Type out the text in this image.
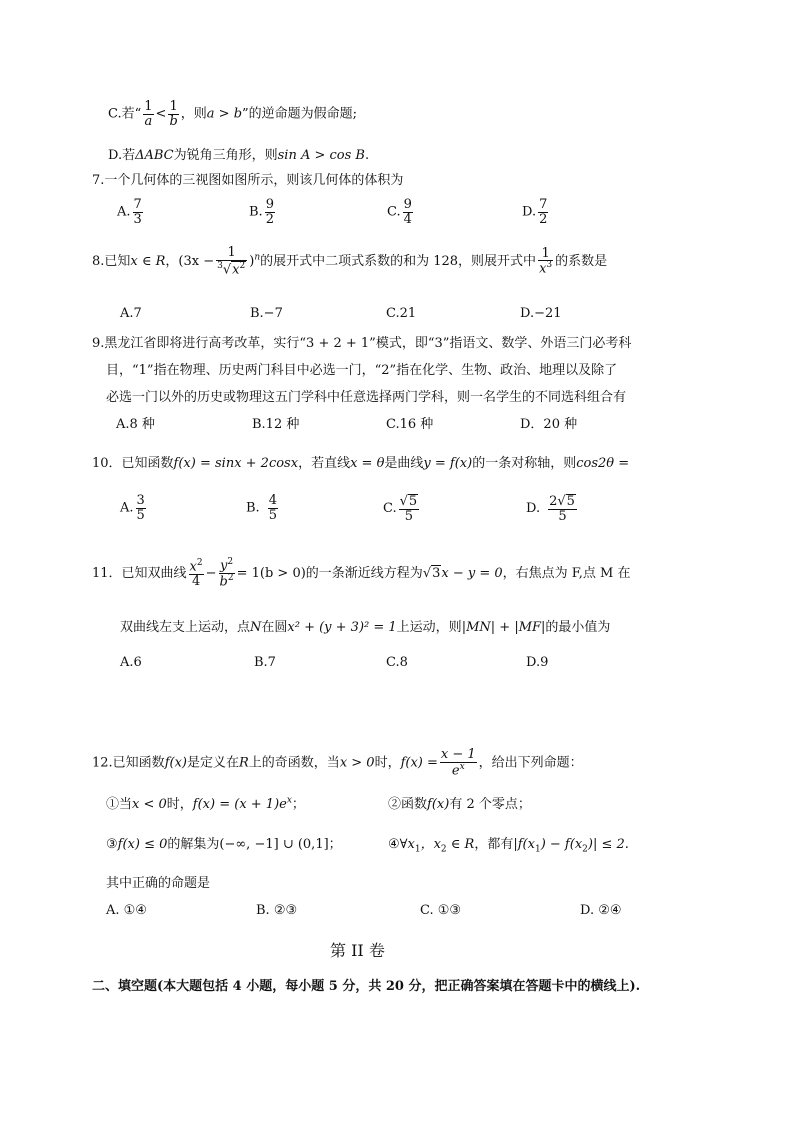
C.若“ $\frac{1}{a} < \frac{1}{b}$ ，则a > b”的逆命题为假命题;
D.若ΔABC为锐角三角形，则sin A > cos B.
7.一个几何体的三视图如图所示，则该几何体的体积为
A. $\frac{7}{3}$	B. $\frac{9}{2}$	C. $\frac{9}{4}$	D. $\frac{7}{2}$
8.已知x ∈ R，$(3x - \frac{1}{^3√x^2} )^n$的展开式中二项式系数的和为 128，则展开式中 $\frac{1}{x^3}$ 的系数是
A.7	B.−7	C.21	D.−21
9.黑龙江省即将进行高考改革，实行“3 + 2 + 1”模式，即“3”指语文、数学、外语三门必考科
目，“1”指在物理、历史两门科目中必选一门，“2”指在化学、生物、政治、地理以及除了
必选一门以外的历史或物理这五门学科中任意选择两门学科，则一名学生的不同选科组合有
A.8 种	B.12 种	C.16 种	D．20 种
10．已知函数f(x) = sinx + 2cosx，若直线x = θ是曲线y = f(x)的一条对称轴，则cos2θ =
A. $\frac{3}{5}$	B. $\frac{4}{5}$	C. $\frac{√5}{5}$	D. $\frac{2√5}{5}$
11．已知双曲线 $\frac{x^2}{4} - \frac{y^2}{b^2} = 1(b > 0)$的一条渐近线方程为√3x − y = 0，右焦点为 F,点 M 在
双曲线左支上运动，点N在圆x² + (y + 3)² = 1上运动，则|MN| + |MF|的最小值为
A.6	B.7	C.8	D.9
12.已知函数f(x)是定义在R上的奇函数，当x > 0时，$f(x) = \frac{x - 1}{e^x}$ ，给出下列命题：
①当x < 0时，$f(x) = (x + 1)e^x$；	②函数f(x)有 2 个零点；
③f(x) ≤ 0的解集为(−∞, −1] ∪ (0,1]；	$④\forall x_1$，$x_2$ ∈ R，都有$|f(x_1) - f(x_2)| \le 2$.
其中正确的命题是
A. ①④	B. ②③	C. ①③	D. ②④
第 II 卷
二、填空题(本大题包括 4 小题，每小题 5 分，共 20 分，把正确答案填在答题卡中的横线上).
